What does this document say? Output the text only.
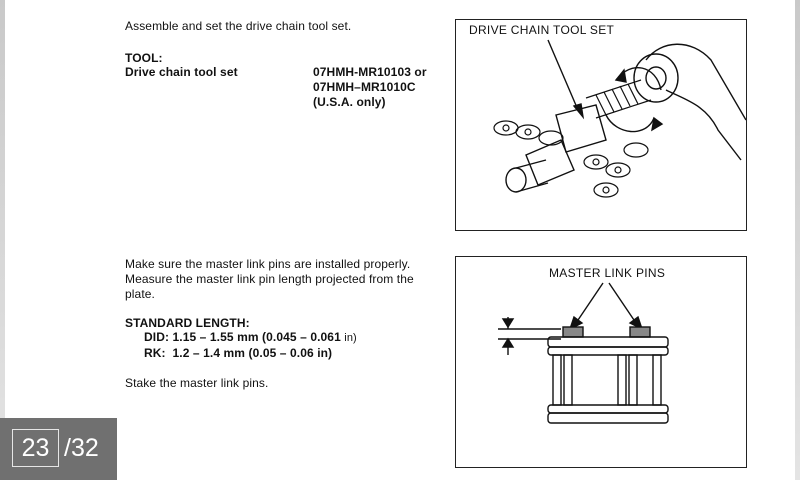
Assemble and set the drive chain tool set.
TOOL:
Drive chain tool set	07HMH-MR10103 or
07HMH–MR1010C
(U.S.A. only)
DRIVE CHAIN TOOL SET
Make sure the master link pins are installed properly.
Measure the master link pin length projected from the
plate.
STANDARD LENGTH:
DID: 1.15 – 1.55 mm (0.045 – 0.061 in)
RK:  1.2 – 1.4 mm (0.05 – 0.06 in)
Stake the master link pins.
MASTER LINK PINS
23 /32
